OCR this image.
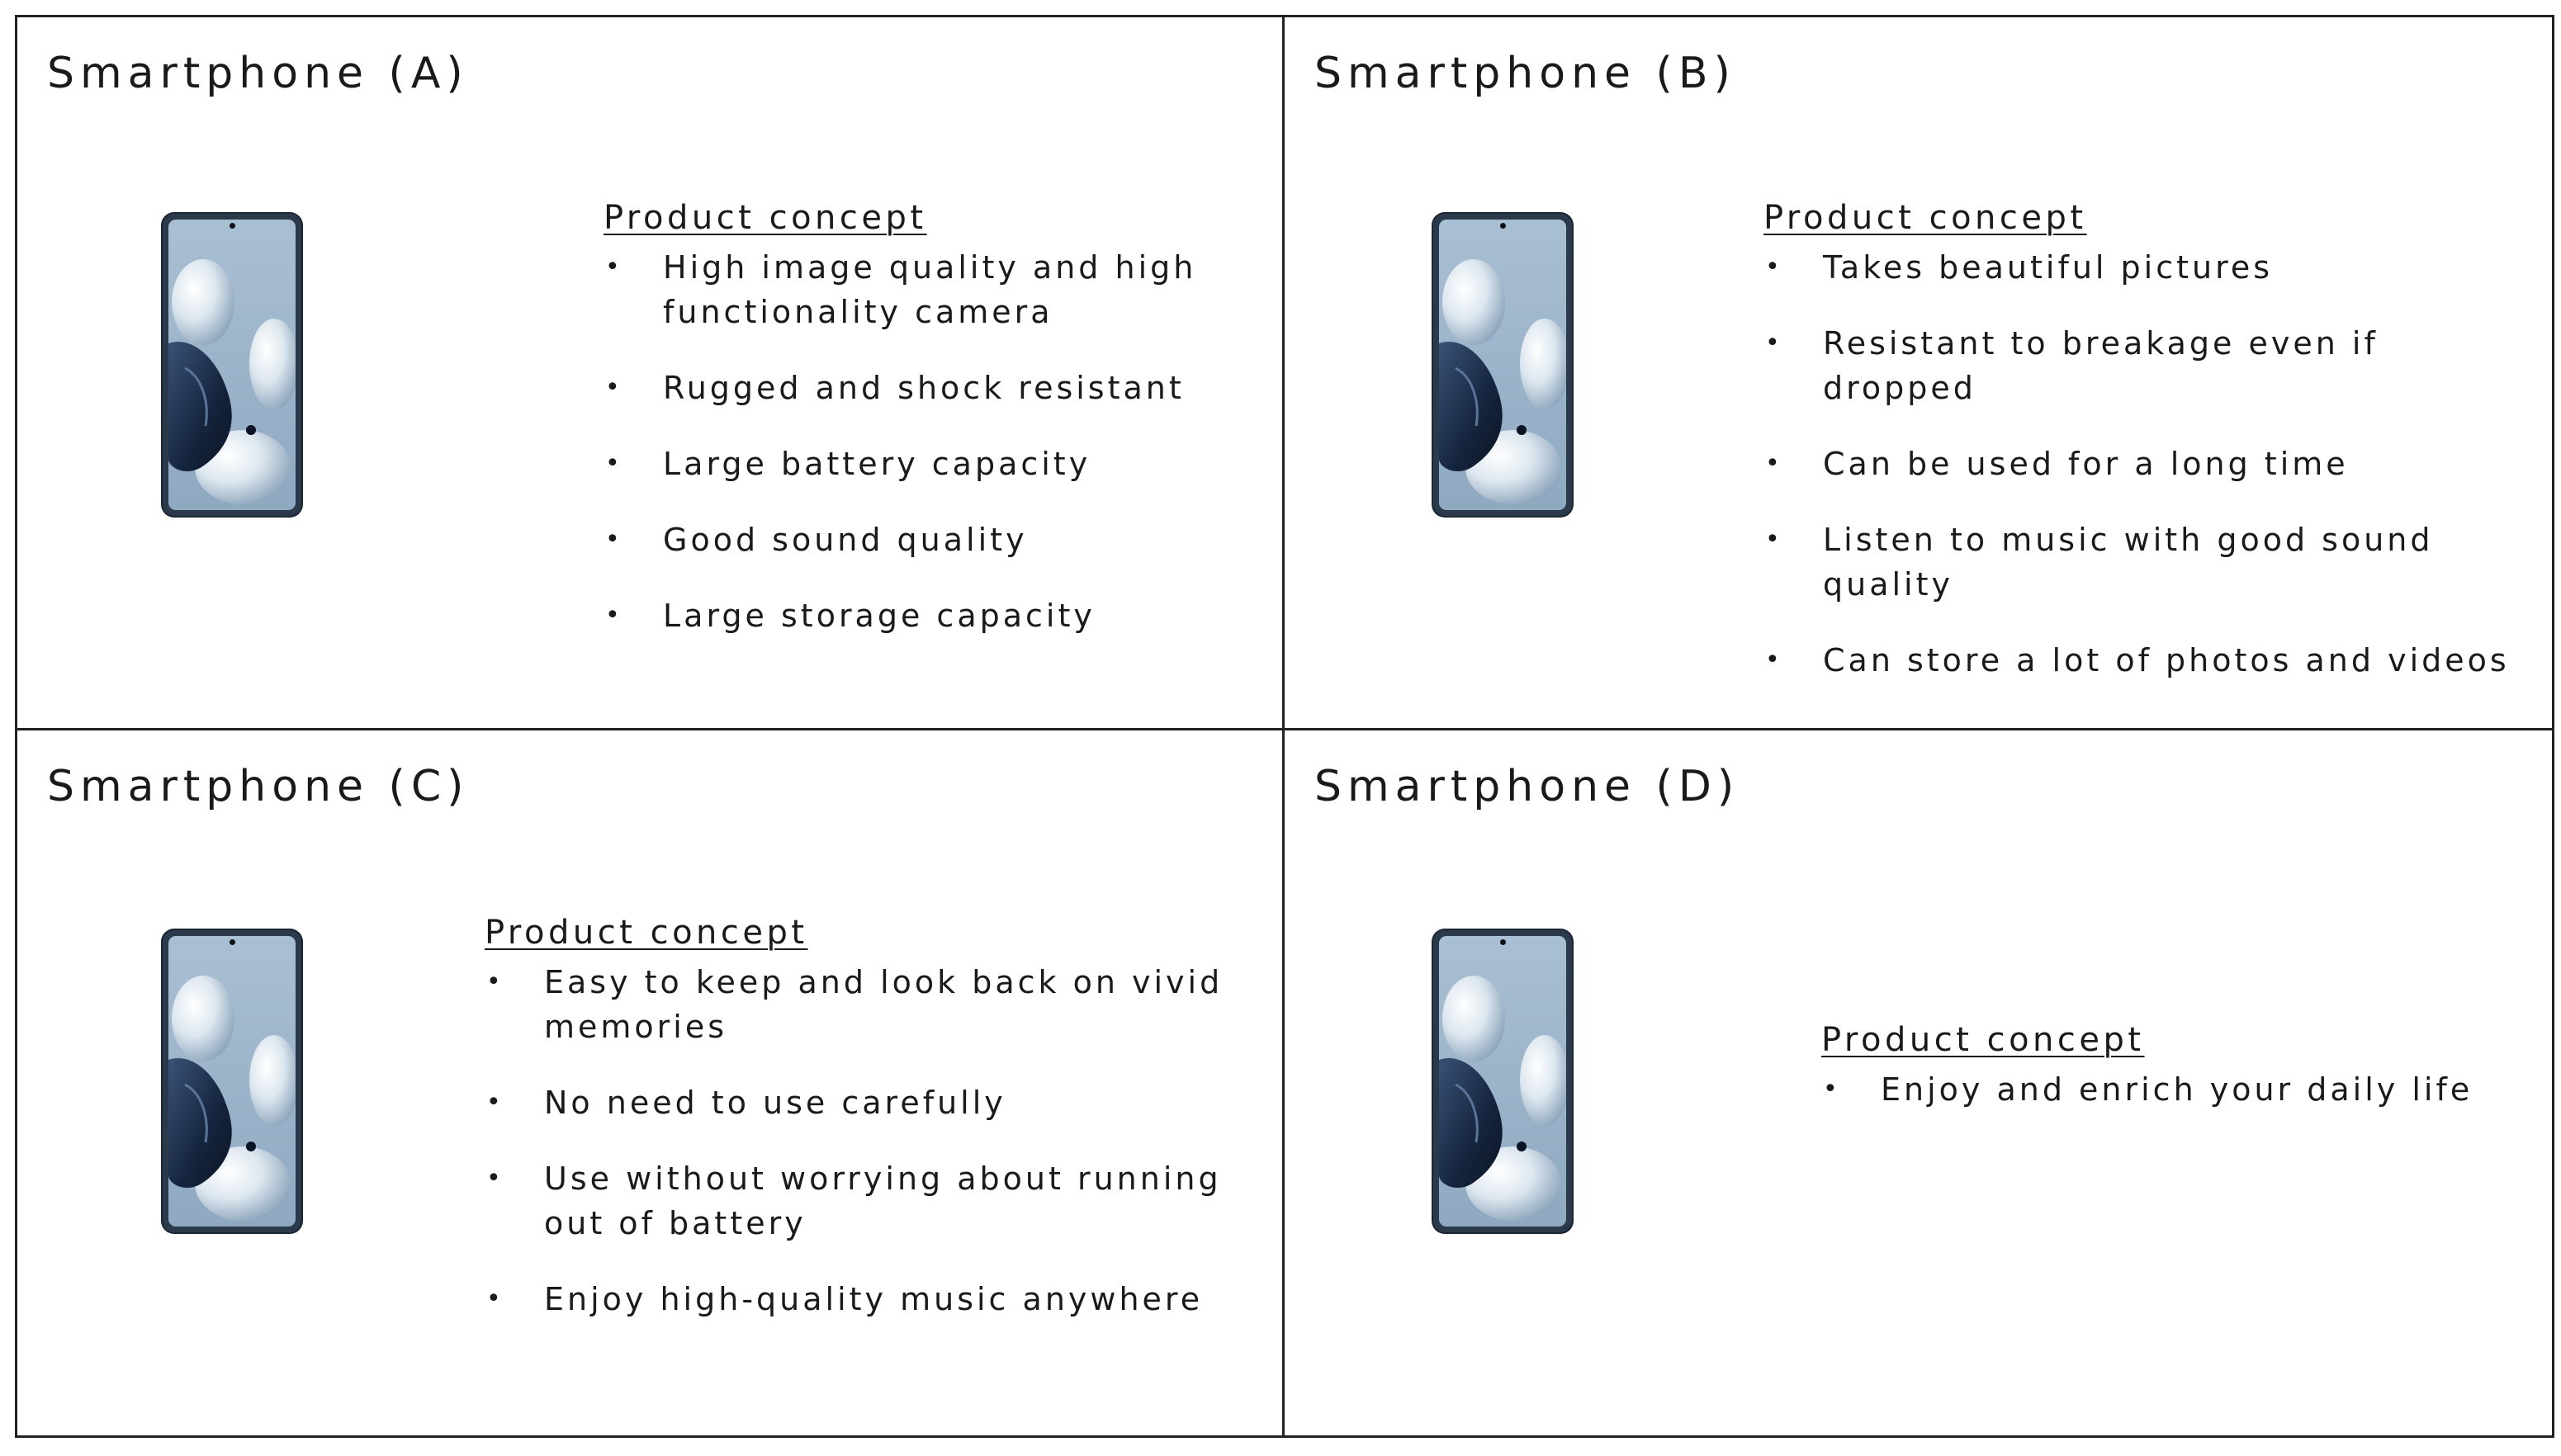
Smartphone (A)
Product concept
• High image quality and high functionality camera
• Rugged and shock resistant
• Large battery capacity
• Good sound quality
• Large storage capacity
Smartphone (B)
Product concept
• Takes beautiful pictures
• Resistant to breakage even if dropped
• Can be used for a long time
• Listen to music with good sound quality
• Can store a lot of photos and videos
Smartphone (C)
Product concept
• Easy to keep and look back on vivid memories
• No need to use carefully
• Use without worrying about running out of battery
• Enjoy high-quality music anywhere
Smartphone (D)
Product concept
• Enjoy and enrich your daily life
